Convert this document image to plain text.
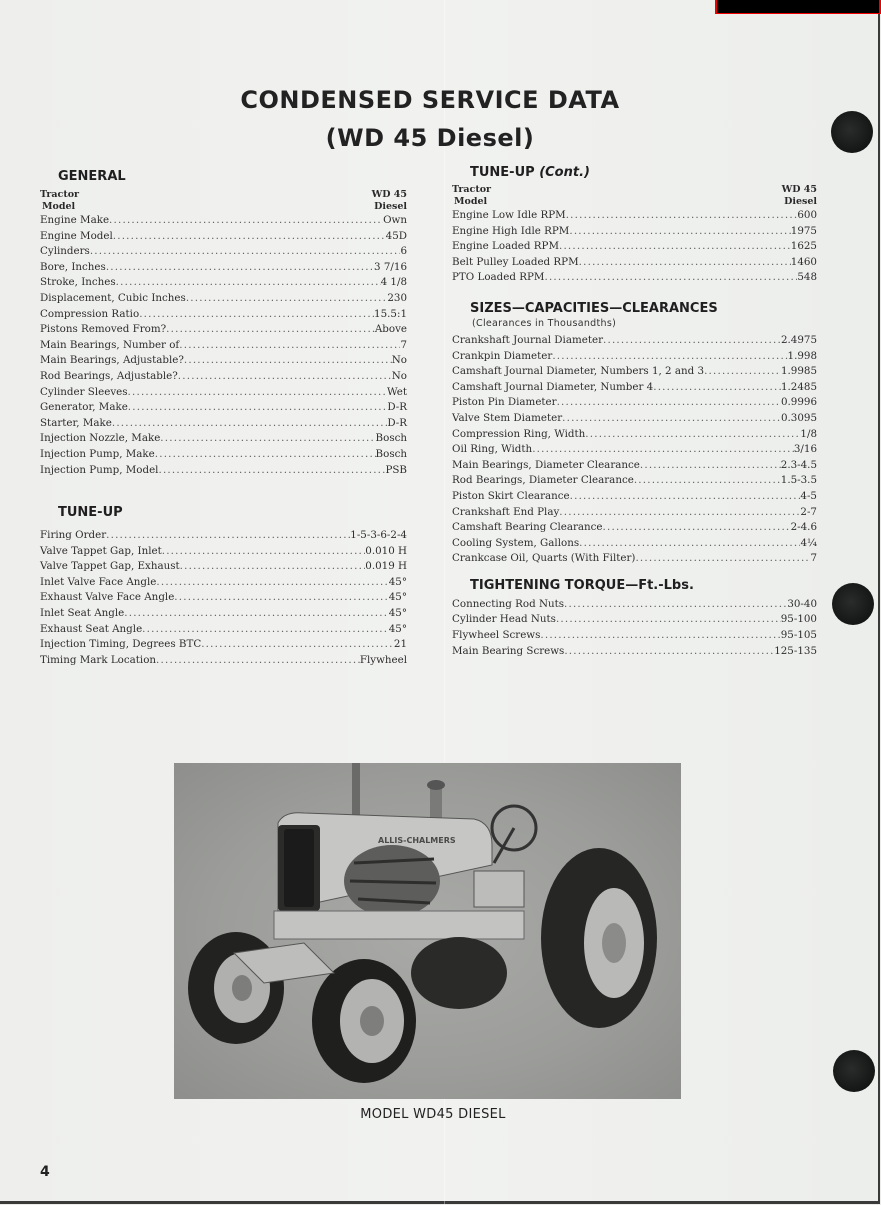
CONDENSED SERVICE DATA
(WD 45 Diesel)
GENERAL
Tractor
Model
WD 45
Diesel
Engine Make .....	Own
Engine Model .....	45D
Cylinders .....	6
Bore, Inches .....	3 7/16
Stroke, Inches .....	4 1/8
Displacement, Cubic Inches .....	230
Compression Ratio .....	15.5:1
Pistons Removed From? .....	Above
Main Bearings, Number of .....	7
Main Bearings, Adjustable? .....	No
Rod Bearings, Adjustable? .....	No
Cylinder Sleeves .....	Wet
Generator, Make .....	D-R
Starter, Make .....	D-R
Injection Nozzle, Make .....	Bosch
Injection Pump, Make .....	Bosch
Injection Pump, Model .....	PSB
TUNE-UP
Firing Order .....	1-5-3-6-2-4
Valve Tappet Gap, Inlet .....	0.010 H
Valve Tappet Gap, Exhaust .....	0.019 H
Inlet Valve Face Angle .....	45°
Exhaust Valve Face Angle .....	45°
Inlet Seat Angle .....	45°
Exhaust Seat Angle .....	45°
Injection Timing, Degrees BTC .....	21
Timing Mark Location .....	Flywheel
TUNE-UP (Cont.)
Tractor
Model
WD 45
Diesel
Engine Low Idle RPM .....	600
Engine High Idle RPM .....	1975
Engine Loaded RPM .....	1625
Belt Pulley Loaded RPM .....	1460
PTO Loaded RPM .....	548
SIZES—CAPACITIES—CLEARANCES
(Clearances in Thousandths)
Crankshaft Journal Diameter .....	2.4975
Crankpin Diameter .....	1.998
Camshaft Journal Diameter, Numbers 1, 2 and 3 .....	1.9985
Camshaft Journal Diameter, Number 4 .....	1.2485
Piston Pin Diameter .....	0.9996
Valve Stem Diameter .....	0.3095
Compression Ring, Width .....	1/8
Oil Ring, Width .....	3/16
Main Bearings, Diameter Clearance .....	2.3-4.5
Rod Bearings, Diameter Clearance .....	1.5-3.5
Piston Skirt Clearance .....	4-5
Crankshaft End Play .....	2-7
Camshaft Bearing Clearance .....	2-4.6
Cooling System, Gallons .....	4¼
Crankcase Oil, Quarts (With Filter) .....	7
TIGHTENING TORQUE—Ft.-Lbs.
Connecting Rod Nuts .....	30-40
Cylinder Head Nuts .....	95-100
Flywheel Screws .....	95-105
Main Bearing Screws .....	125-135
ALLIS-CHALMERS
MODEL WD45 DIESEL
4
